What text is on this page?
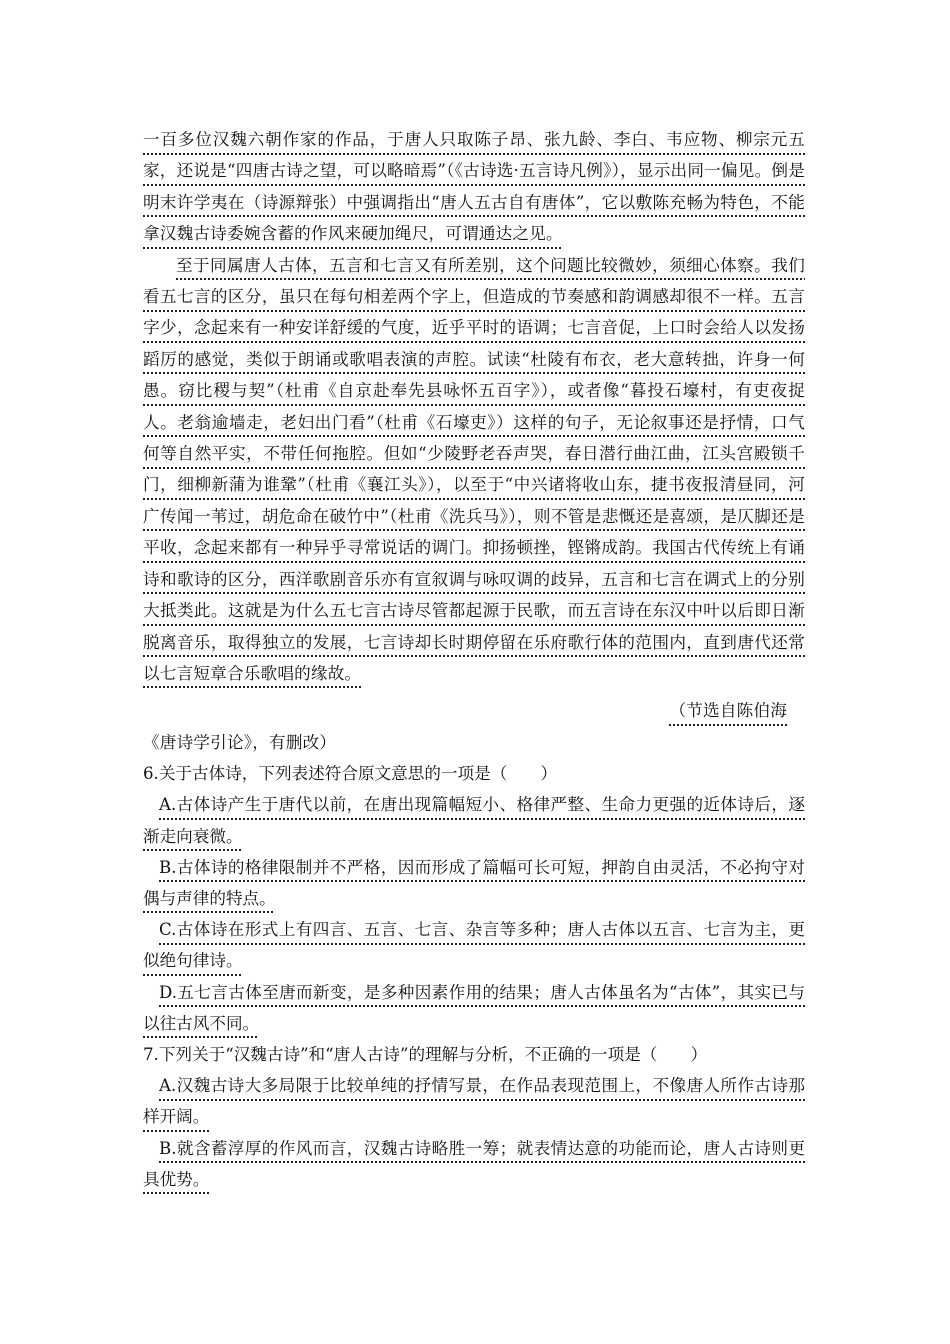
一百多位汉魏六朝作家的作品，于唐人只取陈子昂、张九龄、李白、韦应物、柳宗元五家，还说是“四唐古诗之望，可以略暗焉”（《古诗选·五言诗凡例》），显示出同一偏见。倒是明末许学夷在（诗源辩张）中强调指出“唐人五古自有唐体”，它以敷陈充畅为特色，不能拿汉魏古诗委婉含蓄的作风来硬加绳尺，可谓通达之见。

至于同属唐人古体，五言和七言又有所差别，这个问题比较微妙，须细心体察。我们看五七言的区分，虽只在每句相差两个字上，但造成的节奏感和韵调感却很不一样。五言字少，念起来有一种安详舒缓的气度，近乎平时的语调；七言音促，上口时会给人以发扬蹈厉的感觉，类似于朗诵或歌唱表演的声腔。试读“杜陵有布衣，老大意转拙，许身一何愚。窃比稷与契”（杜甫《自京赴奉先县咏怀五百字》），或者像“暮投石壕村，有吏夜捉人。老翁逾墙走，老妇出门看”（杜甫《石壕吏》）这样的句子，无论叙事还是抒情，口气何等自然平实，不带任何拖腔。但如“少陵野老吞声哭，春日潜行曲江曲，江头宫殿锁千门，细柳新蒲为谁鞏”（杜甫《襄江头》），以至于“中兴诸将收山东，捷书夜报清昼同，河广传闻一苇过，胡危命在破竹中”（杜甫《洗兵马》），则不管是悲慨还是喜颂，是仄脚还是平收，念起来都有一种异乎寻常说话的调门。抑扬顿挫，铿锵成韵。我国古代传统上有诵诗和歌诗的区分，西洋歌剧音乐亦有宣叙调与咏叹调的歧异，五言和七言在调式上的分别大抵类此。这就是为什么五七言古诗尽管都起源于民歌，而五言诗在东汉中叶以后即日渐脱离音乐，取得独立的发展，七言诗却长时期停留在乐府歌行体的范围内，直到唐代还常以七言短章合乐歌唱的缘故。

（节选自陈伯海

《唐诗学引论》，有删改）

6.关于古体诗，下列表述符合原文意思的一项是（　　）

A.古体诗产生于唐代以前，在唐出现篇幅短小、格律严整、生命力更强的近体诗后，逐渐走向衰微。

B.古体诗的格律限制并不严格，因而形成了篇幅可长可短，押韵自由灵活，不必拘守对偶与声律的特点。

C.古体诗在形式上有四言、五言、七言、杂言等多种；唐人古体以五言、七言为主，更似绝句律诗。

D.五七言古体至唐而新变，是多种因素作用的结果；唐人古体虽名为“古体”，其实已与以往古风不同。

7.下列关于“汉魏古诗”和“唐人古诗”的理解与分析，不正确的一项是（　　）

A.汉魏古诗大多局限于比较单纯的抒情写景，在作品表现范围上，不像唐人所作古诗那样开阔。

B.就含蓄淳厚的作风而言，汉魏古诗略胜一筹；就表情达意的功能而论，唐人古诗则更具优势。
